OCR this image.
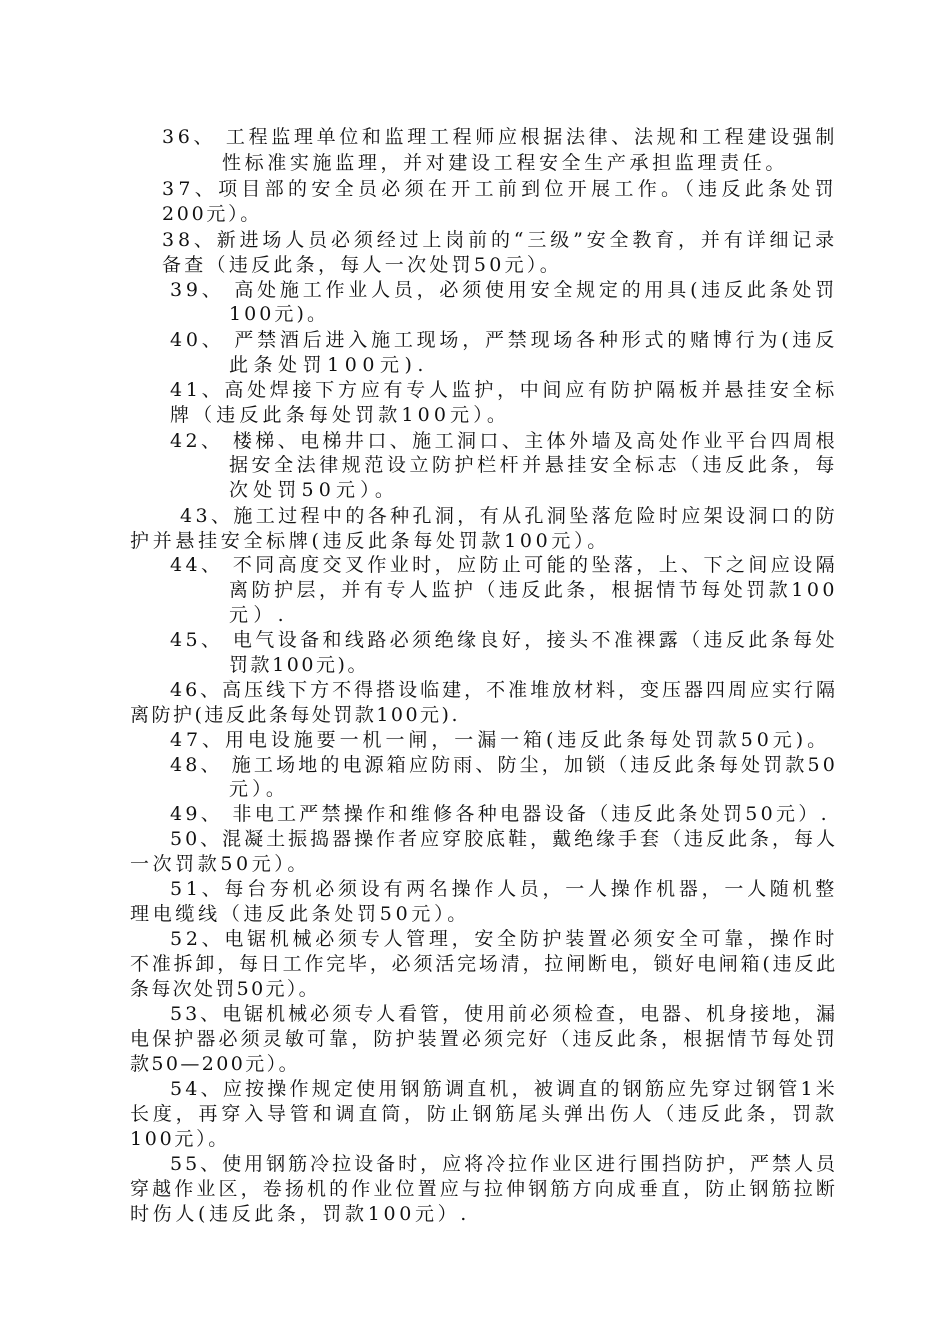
36、 工程监理单位和监理工程师应根据法律、法规和工程建设强制

性标准实施监理，并对建设工程安全生产承担监理责任。

37、项目部的安全员必须在开工前到位开展工作。（违反此条处罚

200元）。

38、新进场人员必须经过上岗前的“三级”安全教育，并有详细记录

备查（违反此条，每人一次处罚50元）。

39、 高处施工作业人员，必须使用安全规定的用具(违反此条处罚

100元)。

40、 严禁酒后进入施工现场，严禁现场各种形式的赌博行为(违反

此条处罚100元).

41、高处焊接下方应有专人监护，中间应有防护隔板并悬挂安全标

牌（违反此条每处罚款100元）。

42、 楼梯、电梯井口、施工洞口、主体外墙及高处作业平台四周根

据安全法律规范设立防护栏杆并悬挂安全标志（违反此条，每

次处罚50元）。

43、施工过程中的各种孔洞，有从孔洞坠落危险时应架设洞口的防

护并悬挂安全标牌(违反此条每处罚款100元）。

44、 不同高度交叉作业时，应防止可能的坠落，上、下之间应设隔

离防护层，并有专人监护（违反此条，根据情节每处罚款100

元）.

45、 电气设备和线路必须绝缘良好，接头不准裸露（违反此条每处

罚款100元)。

46、高压线下方不得搭设临建，不准堆放材料，变压器四周应实行隔

离防护(违反此条每处罚款100元).

47、用电设施要一机一闸，一漏一箱(违反此条每处罚款50元)。

48、 施工场地的电源箱应防雨、防尘，加锁（违反此条每处罚款50

元）。

49、 非电工严禁操作和维修各种电器设备（违反此条处罚50元）.

50、混凝土振捣器操作者应穿胶底鞋，戴绝缘手套（违反此条，每人

一次罚款50元）。

51、每台夯机必须设有两名操作人员，一人操作机器，一人随机整

理电缆线（违反此条处罚50元）。

52、电锯机械必须专人管理，安全防护装置必须安全可靠，操作时

不准拆卸，每日工作完毕，必须活完场清，拉闸断电，锁好电闸箱(违反此

条每次处罚50元）。

53、电锯机械必须专人看管，使用前必须检查，电器、机身接地，漏

电保护器必须灵敏可靠，防护装置必须完好（违反此条，根据情节每处罚

款50—200元）。

54、应按操作规定使用钢筋调直机，被调直的钢筋应先穿过钢管1米

长度，再穿入导管和调直筒，防止钢筋尾头弹出伤人（违反此条，罚款

100元）。

55、使用钢筋冷拉设备时，应将冷拉作业区进行围挡防护，严禁人员

穿越作业区，卷扬机的作业位置应与拉伸钢筋方向成垂直，防止钢筋拉断

时伤人(违反此条，罚款100元）.
